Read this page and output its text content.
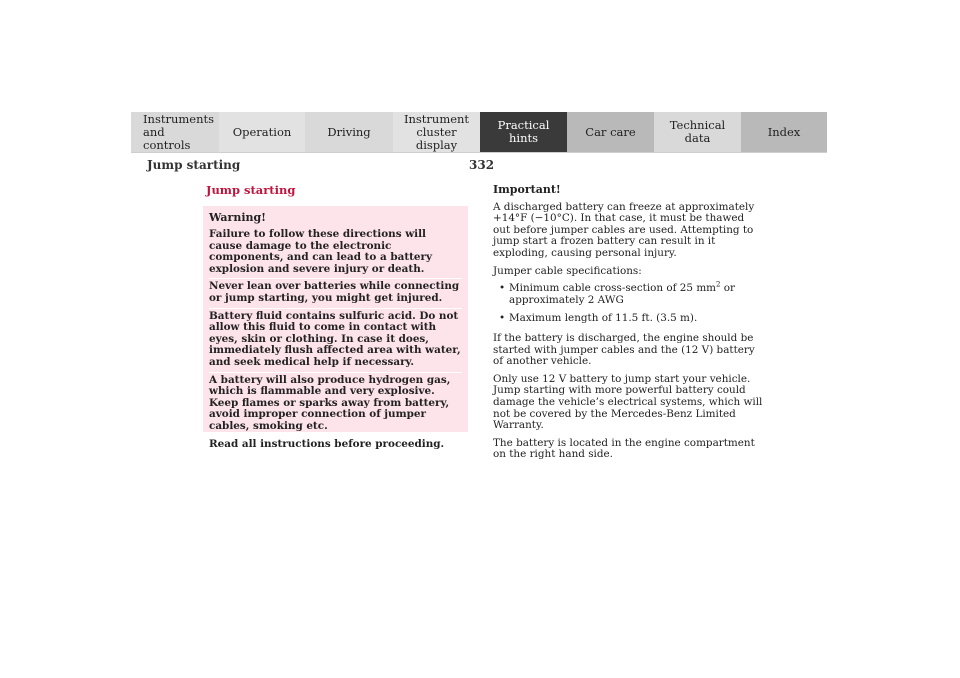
Instruments
and controls
Operation	Driving
Instrument
cluster display
Practical hints	Car care	Technical
data	Index
Jump starting	332
Jump starting
Warning!

Failure to follow these directions will cause damage to the electronic components, and can lead to a battery explosion and severe injury or death.

Never lean over batteries while connecting or jump starting, you might get injured.

Battery fluid contains sulfuric acid. Do not allow this fluid to come in contact with eyes, skin or clothing. In case it does, immediately flush affected area with water, and seek medical help if necessary.

A battery will also produce hydrogen gas, which is flammable and very explosive. Keep flames or sparks away from battery, avoid improper connection of jumper cables, smoking etc.

Read all instructions before proceeding.

Important!

A discharged battery can freeze at approximately +14°F (−10°C). In that case, it must be thawed out before jumper cables are used. Attempting to jump start a frozen battery can result in it exploding, causing personal injury.

Jumper cable specifications:

• Minimum cable cross-section of 25 $mm^2$ or approximately 2 AWG
• Maximum length of 11.5 ft. (3.5 m).

If the battery is discharged, the engine should be started with jumper cables and the (12 V) battery of another vehicle.

Only use 12 V battery to jump start your vehicle. Jump starting with more powerful battery could damage the vehicle’s electrical systems, which will not be covered by the Mercedes-Benz Limited Warranty.

The battery is located in the engine compartment on the right hand side.
